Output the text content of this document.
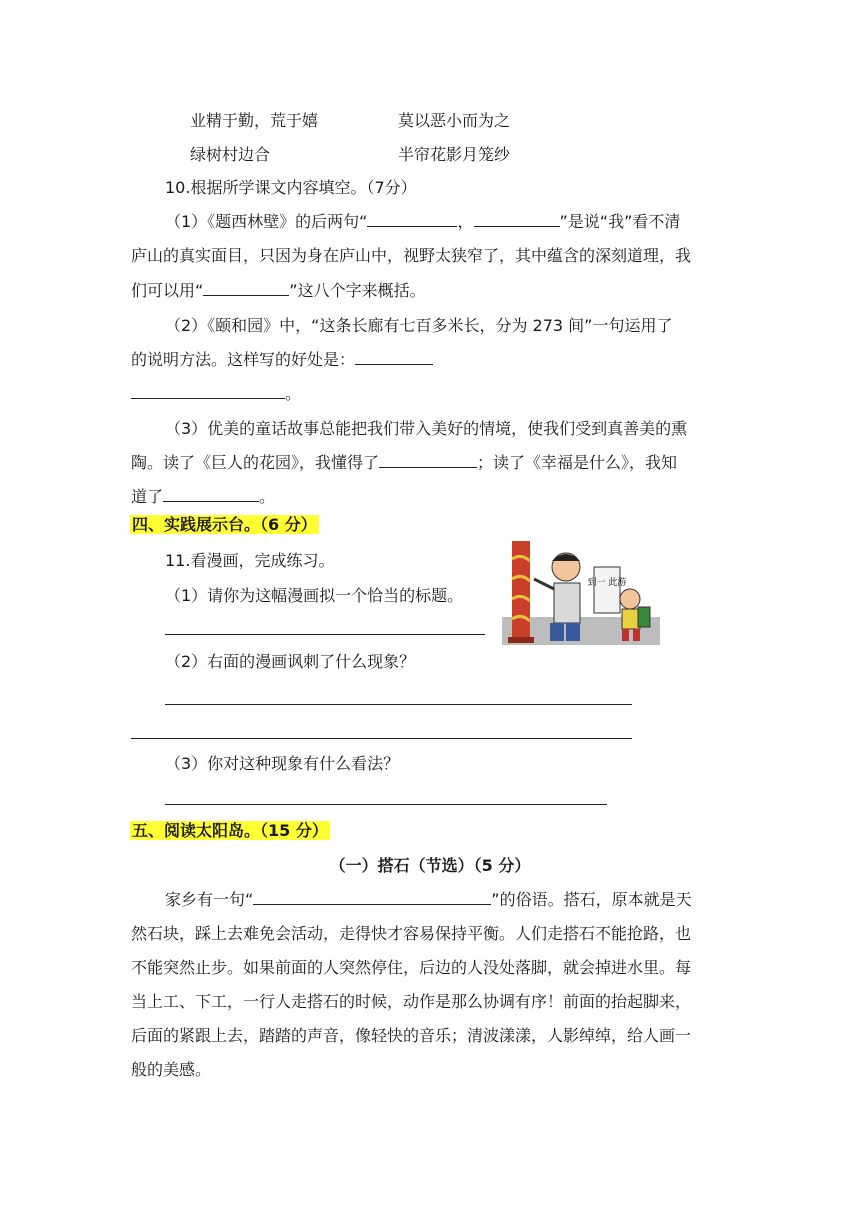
业精于勤，荒于嬉	莫以恶小而为之
绿树村边合	半帘花影月笼纱
10.根据所学课文内容填空。（7分）
（1）《题西林壁》的后两句“	，	”是说“我”看不清
庐山的真实面目，只因为身在庐山中，视野太狭窄了，其中蕴含的深刻道理，我
们可以用“	”这八个字来概括。
（2）《颐和园》中，“这条长廊有七百多米长，分为 273 间”一句运用了
的说明方法。这样写的好处是：
。
（3）优美的童话故事总能把我们带入美好的情境，使我们受到真善美的熏
陶。读了《巨人的花园》，我懂得了	；读了《幸福是什么》，我知
道了	。
四、实践展示台。（6 分）
11.看漫画，完成练习。
（1）请你为这幅漫画拟一个恰当的标题。
到一 此游
（2）右面的漫画讽刺了什么现象？
（3）你对这种现象有什么看法？
五、阅读太阳岛。（15 分）
（一）搭石（节选）（5 分）
家乡有一句“	”的俗语。搭石，原本就是天
然石块，踩上去难免会活动，走得快才容易保持平衡。人们走搭石不能抢路，也
不能突然止步。如果前面的人突然停住，后边的人没处落脚，就会掉进水里。每
当上工、下工，一行人走搭石的时候，动作是那么协调有序！前面的抬起脚来，
后面的紧跟上去，踏踏的声音，像轻快的音乐；清波漾漾，人影绰绰，给人画一
般的美感。
